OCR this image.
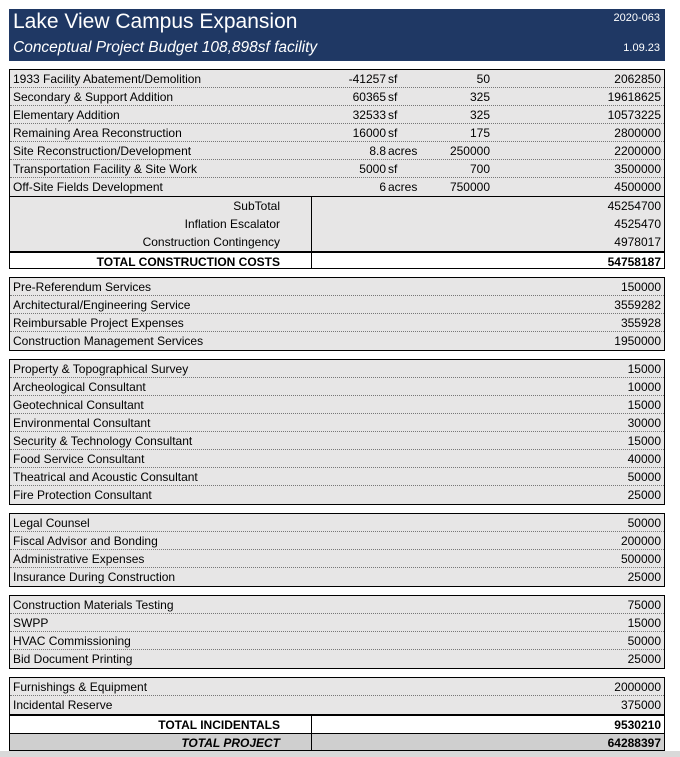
Lake View Campus Expansion
Conceptual Project Budget 108,898sf facility
2020-063
1.09.23
1933 Facility Abatement/Demolition	-41257 sf	50	2062850
Secondary & Support Addition	60365 sf	325	19618625
Elementary Addition	32533 sf	325	10573225
Remaining Area Reconstruction	16000 sf	175	2800000
Site Reconstruction/Development	8.8 acres	250000	2200000
Transportation Facility & Site Work	5000 sf	700	3500000
Off-Site Fields Development	6 acres	750000	4500000
SubTotal	45254700
Inflation Escalator	4525470
Construction Contingency	4978017
TOTAL CONSTRUCTION COSTS	54758187
Pre-Referendum Services	150000
Architectural/Engineering Service	3559282
Reimbursable Project Expenses	355928
Construction Management Services	1950000
Property & Topographical Survey	15000
Archeological Consultant	10000
Geotechnical Consultant	15000
Environmental Consultant	30000
Security & Technology Consultant	15000
Food Service Consultant	40000
Theatrical and Acoustic Consultant	50000
Fire Protection Consultant	25000
Legal Counsel	50000
Fiscal Advisor and Bonding	200000
Administrative Expenses	500000
Insurance During Construction	25000
Construction Materials Testing	75000
SWPP	15000
HVAC Commissioning	50000
Bid Document Printing	25000
Furnishings & Equipment	2000000
Incidental Reserve	375000
TOTAL INCIDENTALS	9530210
TOTAL PROJECT	64288397
